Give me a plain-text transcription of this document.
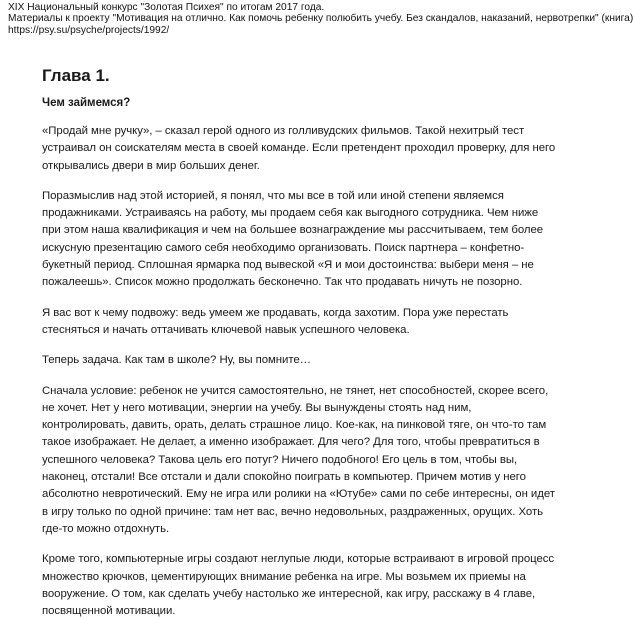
XIX Национальный конкурс "Золотая Психея" по итогам 2017 года.
Материалы к проекту "Мотивация на отлично. Как помочь ребенку полюбить учебу. Без скандалов, наказаний, нервотрепки" (книга)
https://psy.su/psyche/projects/1992/
Глава 1.
Чем займемся?

«Продай мне ручку», – сказал герой одного из голливудских фильмов. Такой нехитрый тест устраивал он соискателям места в своей команде. Если претендент проходил проверку, для него открывались двери в мир больших денег.

Поразмыслив над этой историей, я понял, что мы все в той или иной степени являемся продажниками. Устраиваясь на работу, мы продаем себя как выгодного сотрудника. Чем ниже при этом наша квалификация и чем на большее вознаграждение мы рассчитываем, тем более искусную презентацию самого себя необходимо организовать. Поиск партнера – конфетно-букетный период. Сплошная ярмарка под вывеской «Я и мои достоинства: выбери меня – не пожалеешь». Список можно продолжать бесконечно. Так что продавать ничуть не позорно.

Я вас вот к чему подвожу: ведь умеем же продавать, когда захотим. Пора уже перестать стесняться и начать оттачивать ключевой навык успешного человека.

Теперь задача. Как там в школе? Ну, вы помните…

Сначала условие: ребенок не учится самостоятельно, не тянет, нет способностей, скорее всего, не хочет. Нет у него мотивации, энергии на учебу. Вы вынуждены стоять над ним, контролировать, давить, орать, делать страшное лицо. Кое-как, на пинковой тяге, он что-то там такое изображает. Не делает, а именно изображает. Для чего? Для того, чтобы превратиться в успешного человека? Такова цель его потуг? Ничего подобного! Его цель в том, чтобы вы, наконец, отстали! Все отстали и дали спокойно поиграть в компьютер. Причем мотив у него абсолютно невротический. Ему не игра или ролики на «Ютубе» сами по себе интересны, он идет в игру только по одной причине: там нет вас, вечно недовольных, раздраженных, орущих. Хоть где-то можно отдохнуть.

Кроме того, компьютерные игры создают неглупые люди, которые встраивают в игровой процесс множество крючков, цементирующих внимание ребенка на игре. Мы возьмем их приемы на вооружение. О том, как сделать учебу настолько же интересной, как игру, расскажу в 4 главе, посвященной мотивации.
